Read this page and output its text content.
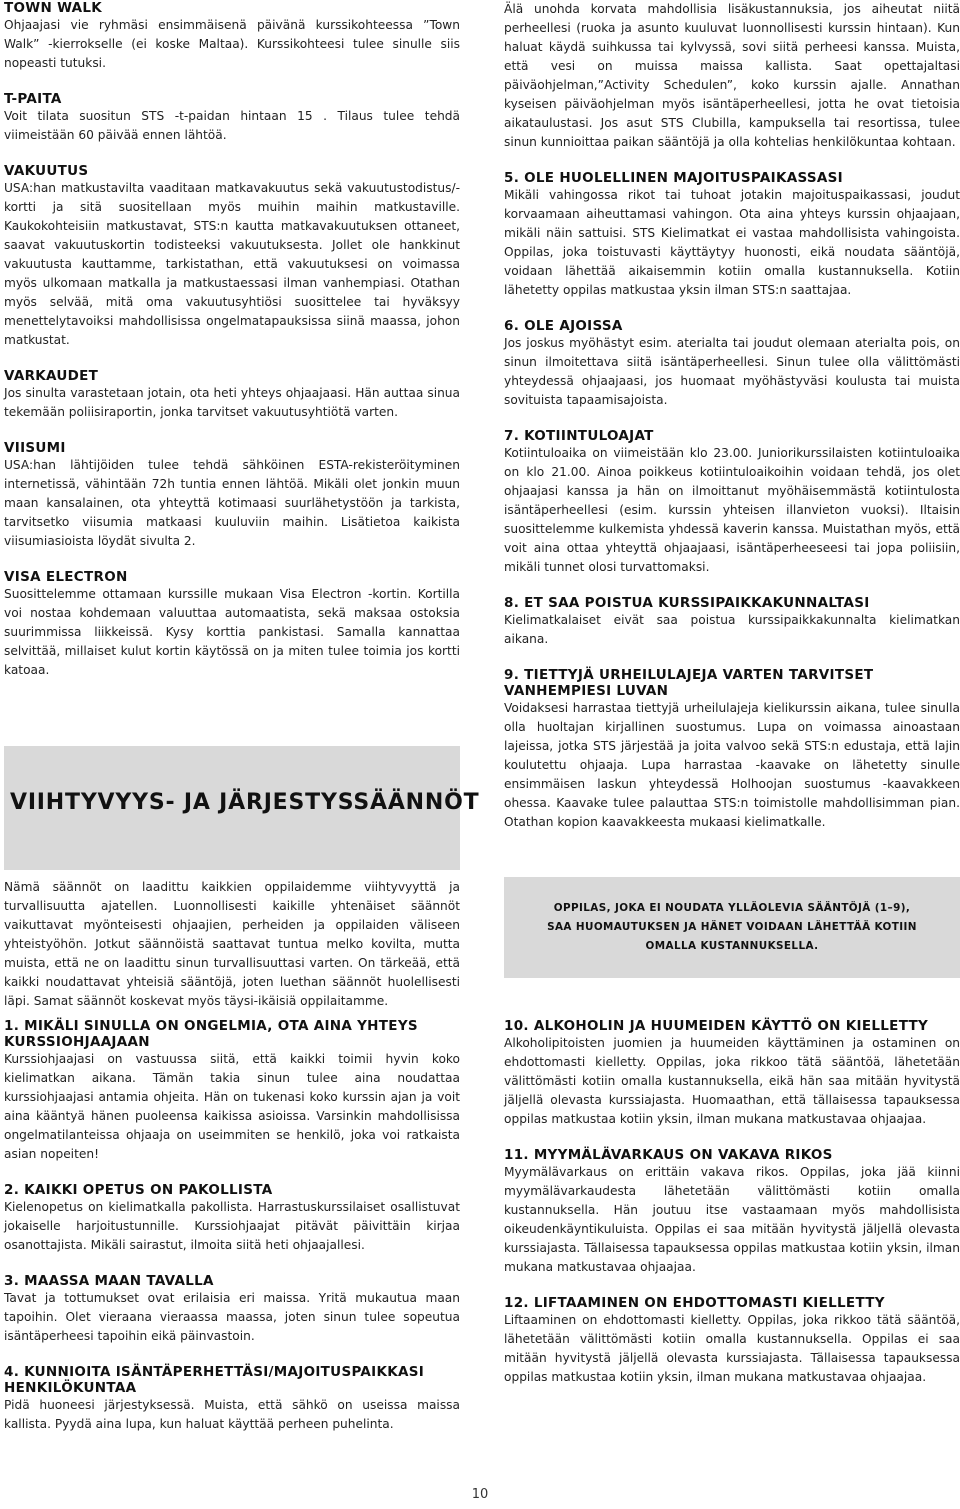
TOWN WALK

Ohjaajasi vie ryhmäsi ensimmäisenä päivänä kurssikohteessa ”Town Walk” -kierrokselle (ei koske Maltaa). Kurssikohteesi tulee sinulle siis nopeasti tutuksi.

T-PAITA

Voit tilata suositun STS -t-paidan hintaan 15 . Tilaus tulee tehdä viimeistään 60 päivää ennen lähtöä.

VAKUUTUS

USA:han matkustavilta vaaditaan matkavakuutus sekä vakuutustodistus/-kortti ja sitä suositellaan myös muihin maihin matkustaville. Kaukokohteisiin matkustavat, STS:n kautta matkavakuutuksen ottaneet, saavat vakuutuskortin todisteeksi vakuutuksesta. Jollet ole hankkinut vakuutusta kauttamme, tarkistathan, että vakuutuksesi on voimassa myös ulkomaan matkalla ja matkustaessasi ilman vanhempiasi. Otathan myös selvää, mitä oma vakuutusyhtiösi suosittelee tai hyväksyy menettelytavoiksi mahdollisissa ongelmatapauksissa siinä maassa, johon matkustat.

VARKAUDET

Jos sinulta varastetaan jotain, ota heti yhteys ohjaajaasi. Hän auttaa sinua tekemään poliisiraportin, jonka tarvitset vakuutusyhtiötä varten.

VIISUMI

USA:han lähtijöiden tulee tehdä sähköinen ESTA-rekisteröityminen internetissä, vähintään 72h tuntia ennen lähtöä. Mikäli olet jonkin muun maan kansalainen, ota yhteyttä kotimaasi suurlähetystöön ja tarkista, tarvitsetko viisumia matkaasi kuuluviin maihin. Lisätietoa kaikista viisumiasioista löydät sivulta 2.

VISA ELECTRON

Suosittelemme ottamaan kurssille mukaan Visa Electron -kortin. Kortilla voi nostaa kohdemaan valuuttaa automaatista, sekä maksaa ostoksia suurimmissa liikkeissä. Kysy korttia pankistasi. Samalla kannattaa selvittää, millaiset kulut kortin käytössä on ja miten tulee toimia jos kortti katoaa.

VIIHTYVYYS- JA JÄRJESTYSSÄÄNNÖT

Nämä säännöt on laadittu kaikkien oppilaidemme viihtyvyyttä ja turvallisuutta ajatellen. Luonnollisesti kaikille yhtenäiset säännöt vaikuttavat myönteisesti ohjaajien, perheiden ja oppilaiden väliseen yhteistyöhön. Jotkut säännöistä saattavat tuntua melko kovilta, mutta muista, että ne on laadittu sinun turvallisuuttasi varten. On tärkeää, että kaikki noudattavat yhteisiä sääntöjä, joten luethan säännöt huolellisesti läpi. Samat säännöt koskevat myös täysi-ikäisiä oppilaitamme.

Älä unohda korvata mahdollisia lisäkustannuksia, jos aiheutat niitä perheellesi (ruoka ja asunto kuuluvat luonnollisesti kurssin hintaan). Kun haluat käydä suihkussa tai kylvyssä, sovi siitä perheesi kanssa. Muista, että vesi on muissa maissa kallista. Saat opettajaltasi päiväohjelman,”Activity Schedulen”, koko kurssin ajalle. Annathan kyseisen päiväohjelman myös isäntäperheellesi, jotta he ovat tietoisia aikataulustasi. Jos asut STS Clubilla, kampuksella tai resortissa, tulee sinun kunnioittaa paikan sääntöjä ja olla kohtelias henkilökuntaa kohtaan.

5. OLE HUOLELLINEN MAJOITUSPAIKASSASI

Mikäli vahingossa rikot tai tuhoat jotakin majoituspaikassasi, joudut korvaamaan aiheuttamasi vahingon. Ota aina yhteys kurssin ohjaajaan, mikäli näin sattuisi. STS Kielimatkat ei vastaa mahdollisista vahingoista. Oppilas, joka toistuvasti käyttäytyy huonosti, eikä noudata sääntöjä, voidaan lähettää aikaisemmin kotiin omalla kustannuksella. Kotiin lähetetty oppilas matkustaa yksin ilman STS:n saattajaa.

6. OLE AJOISSA

Jos joskus myöhästyt esim. aterialta tai joudut olemaan aterialta pois, on sinun ilmoitettava siitä isäntäperheellesi. Sinun tulee olla välittömästi yhteydessä ohjaajaasi, jos huomaat myöhästyväsi koulusta tai muista sovituista tapaamisajoista.

7. KOTIINTULOAJAT

Kotiintuloaika on viimeistään klo 23.00. Juniorikurssilaisten kotiintuloaika on klo 21.00. Ainoa poikkeus kotiintuloaikoihin voidaan tehdä, jos olet ohjaajasi kanssa ja hän on ilmoittanut myöhäisemmästä kotiintulosta isäntäperheellesi (esim. kurssin yhteisen illanvieton vuoksi). Iltaisin suosittelemme kulkemista yhdessä kaverin kanssa. Muistathan myös, että voit aina ottaa yhteyttä ohjaajaasi, isäntäperheeseesi tai jopa poliisiin, mikäli tunnet olosi turvattomaksi.

8. ET SAA POISTUA KURSSIPAIKKAKUNNALTASI

Kielimatkalaiset eivät saa poistua kurssipaikkakunnalta kielimatkan aikana.

9. TIETTYJÄ URHEILULAJEJA VARTEN TARVITSET VANHEMPIESI LUVAN

Voidaksesi harrastaa tiettyjä urheilulajeja kielikurssin aikana, tulee sinulla olla huoltajan kirjallinen suostumus. Lupa on voimassa ainoastaan lajeissa, jotka STS järjestää ja joita valvoo sekä STS:n edustaja, että lajin koulutettu ohjaaja. Lupa harrastaa -kaavake on lähetetty sinulle ensimmäisen laskun yhteydessä Holhoojan suostumus -kaavakkeen ohessa. Kaavake tulee palauttaa STS:n toimistolle mahdollisimman pian. Otathan kopion kaavakkeesta mukaasi kielimatkalle.

OPPILAS, JOKA EI NOUDATA YLLÄOLEVIA SÄÄNTÖJÄ (1–9),
SAA HUOMAUTUKSEN JA HÄNET VOIDAAN LÄHETTÄÄ KOTIIN
OMALLA KUSTANNUKSELLA.
1. MIKÄLI SINULLA ON ONGELMIA, OTA AINA YHTEYS KURSSIOHJAAJAAN

Kurssiohjaajasi on vastuussa siitä, että kaikki toimii hyvin koko kielimatkan aikana. Tämän takia sinun tulee aina noudattaa kurssiohjaajasi antamia ohjeita. Hän on tukenasi koko kurssin ajan ja voit aina kääntyä hänen puoleensa kaikissa asioissa. Varsinkin mahdollisissa ongelmatilanteissa ohjaaja on useimmiten se henkilö, joka voi ratkaista asian nopeiten!

2. KAIKKI OPETUS ON PAKOLLISTA

Kielenopetus on kielimatkalla pakollista. Harrastuskurssilaiset osallistuvat jokaiselle harjoitustunnille. Kurssiohjaajat pitävät päivittäin kirjaa osanottajista. Mikäli sairastut, ilmoita siitä heti ohjaajallesi.

3. MAASSA MAAN TAVALLA

Tavat ja tottumukset ovat erilaisia eri maissa. Yritä mukautua maan tapoihin. Olet vieraana vieraassa maassa, joten sinun tulee sopeutua isäntäperheesi tapoihin eikä päinvastoin.

4. KUNNIOITA ISÄNTÄPERHETTÄSI/MAJOITUSPAIKKASI HENKILÖKUNTAA

Pidä huoneesi järjestyksessä. Muista, että sähkö on useissa maissa kallista. Pyydä aina lupa, kun haluat käyttää perheen puhelinta.

10. ALKOHOLIN JA HUUMEIDEN KÄYTTÖ ON KIELLETTY

Alkoholipitoisten juomien ja huumeiden käyttäminen ja ostaminen on ehdottomasti kielletty. Oppilas, joka rikkoo tätä sääntöä, lähetetään välittömästi kotiin omalla kustannuksella, eikä hän saa mitään hyvitystä jäljellä olevasta kurssiajasta. Huomaathan, että tällaisessa tapauksessa oppilas matkustaa kotiin yksin, ilman mukana matkustavaa ohjaajaa.

11. MYYMÄLÄVARKAUS ON VAKAVA RIKOS

Myymälävarkaus on erittäin vakava rikos. Oppilas, joka jää kiinni myymälävarkaudesta lähetetään välittömästi kotiin omalla kustannuksella. Hän joutuu itse vastaamaan myös mahdollisista oikeudenkäyntikuluista. Oppilas ei saa mitään hyvitystä jäljellä olevasta kurssiajasta. Tällaisessa tapauksessa oppilas matkustaa kotiin yksin, ilman mukana matkustavaa ohjaajaa.

12. LIFTAAMINEN ON EHDOTTOMASTI KIELLETTY

Liftaaminen on ehdottomasti kielletty. Oppilas, joka rikkoo tätä sääntöä, lähetetään välittömästi kotiin omalla kustannuksella. Oppilas ei saa mitään hyvitystä jäljellä olevasta kurssiajasta. Tällaisessa tapauksessa oppilas matkustaa kotiin yksin, ilman mukana matkustavaa ohjaajaa.

10
